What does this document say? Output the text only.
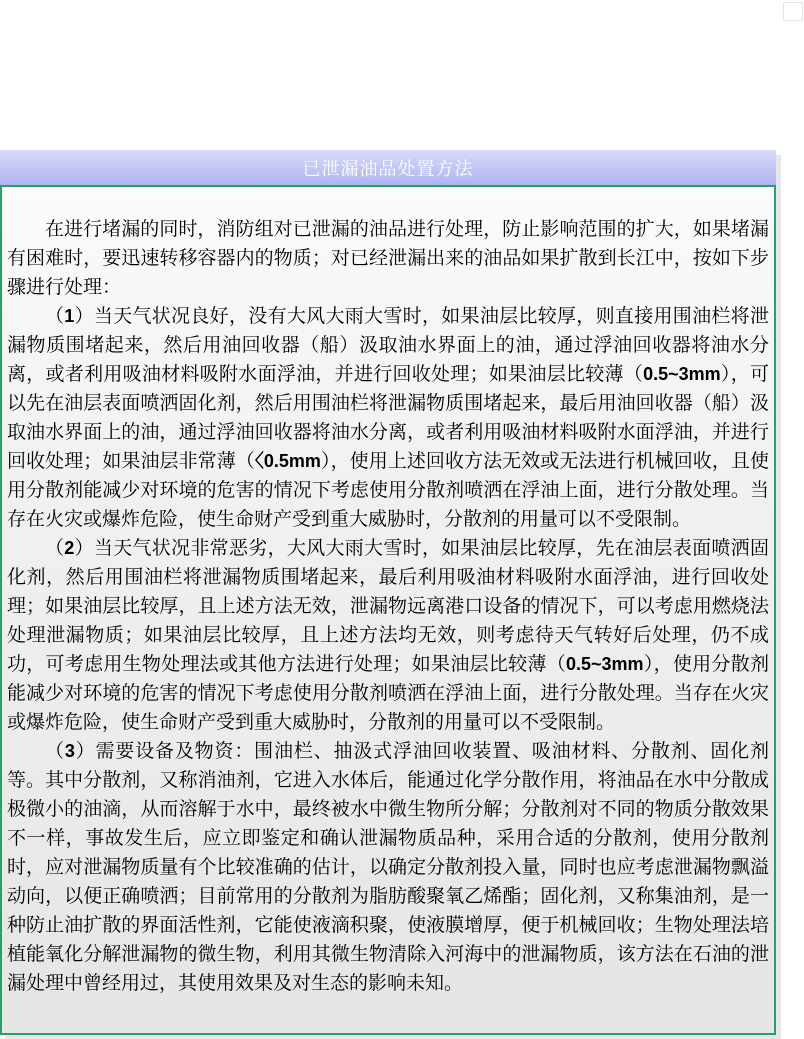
已泄漏油品处置方法

在进行堵漏的同时，消防组对已泄漏的油品进行处理，防止影响范围的扩大，如果堵漏有困难时，要迅速转移容器内的物质；对已经泄漏出来的油品如果扩散到长江中，按如下步骤进行处理：

（1）当天气状况良好，没有大风大雨大雪时，如果油层比较厚，则直接用围油栏将泄漏物质围堵起来，然后用油回收器（船）汲取油水界面上的油，通过浮油回收器将油水分离，或者利用吸油材料吸附水面浮油，并进行回收处理；如果油层比较薄（0.5~3mm），可以先在油层表面喷洒固化剂，然后用围油栏将泄漏物质围堵起来，最后用油回收器（船）汲取油水界面上的油，通过浮油回收器将油水分离，或者利用吸油材料吸附水面浮油，并进行回收处理；如果油层非常薄（〈0.5mm），使用上述回收方法无效或无法进行机械回收，且使用分散剂能减少对环境的危害的情况下考虑使用分散剂喷洒在浮油上面，进行分散处理。当存在火灾或爆炸危险，使生命财产受到重大威胁时，分散剂的用量可以不受限制。

（2）当天气状况非常恶劣，大风大雨大雪时，如果油层比较厚，先在油层表面喷洒固化剂，然后用围油栏将泄漏物质围堵起来，最后利用吸油材料吸附水面浮油，进行回收处理；如果油层比较厚，且上述方法无效，泄漏物远离港口设备的情况下，可以考虑用燃烧法处理泄漏物质；如果油层比较厚，且上述方法均无效，则考虑待天气转好后处理，仍不成功，可考虑用生物处理法或其他方法进行处理；如果油层比较薄（0.5~3mm），使用分散剂能减少对环境的危害的情况下考虑使用分散剂喷洒在浮油上面，进行分散处理。当存在火灾或爆炸危险，使生命财产受到重大威胁时，分散剂的用量可以不受限制。

（3）需要设备及物资：围油栏、抽汲式浮油回收装置、吸油材料、分散剂、固化剂等。其中分散剂，又称消油剂，它进入水体后，能通过化学分散作用，将油品在水中分散成极微小的油滴，从而溶解于水中，最终被水中微生物所分解；分散剂对不同的物质分散效果不一样，事故发生后，应立即鉴定和确认泄漏物质品种，采用合适的分散剂，使用分散剂时，应对泄漏物质量有个比较准确的估计，以确定分散剂投入量，同时也应考虑泄漏物飘溢动向，以便正确喷洒；目前常用的分散剂为脂肪酸聚氧乙烯酯；固化剂，又称集油剂，是一种防止油扩散的界面活性剂，它能使液滴积聚，使液膜增厚，便于机械回收；生物处理法培植能氧化分解泄漏物的微生物，利用其微生物清除入河海中的泄漏物质，该方法在石油的泄漏处理中曾经用过，其使用效果及对生态的影响未知。
